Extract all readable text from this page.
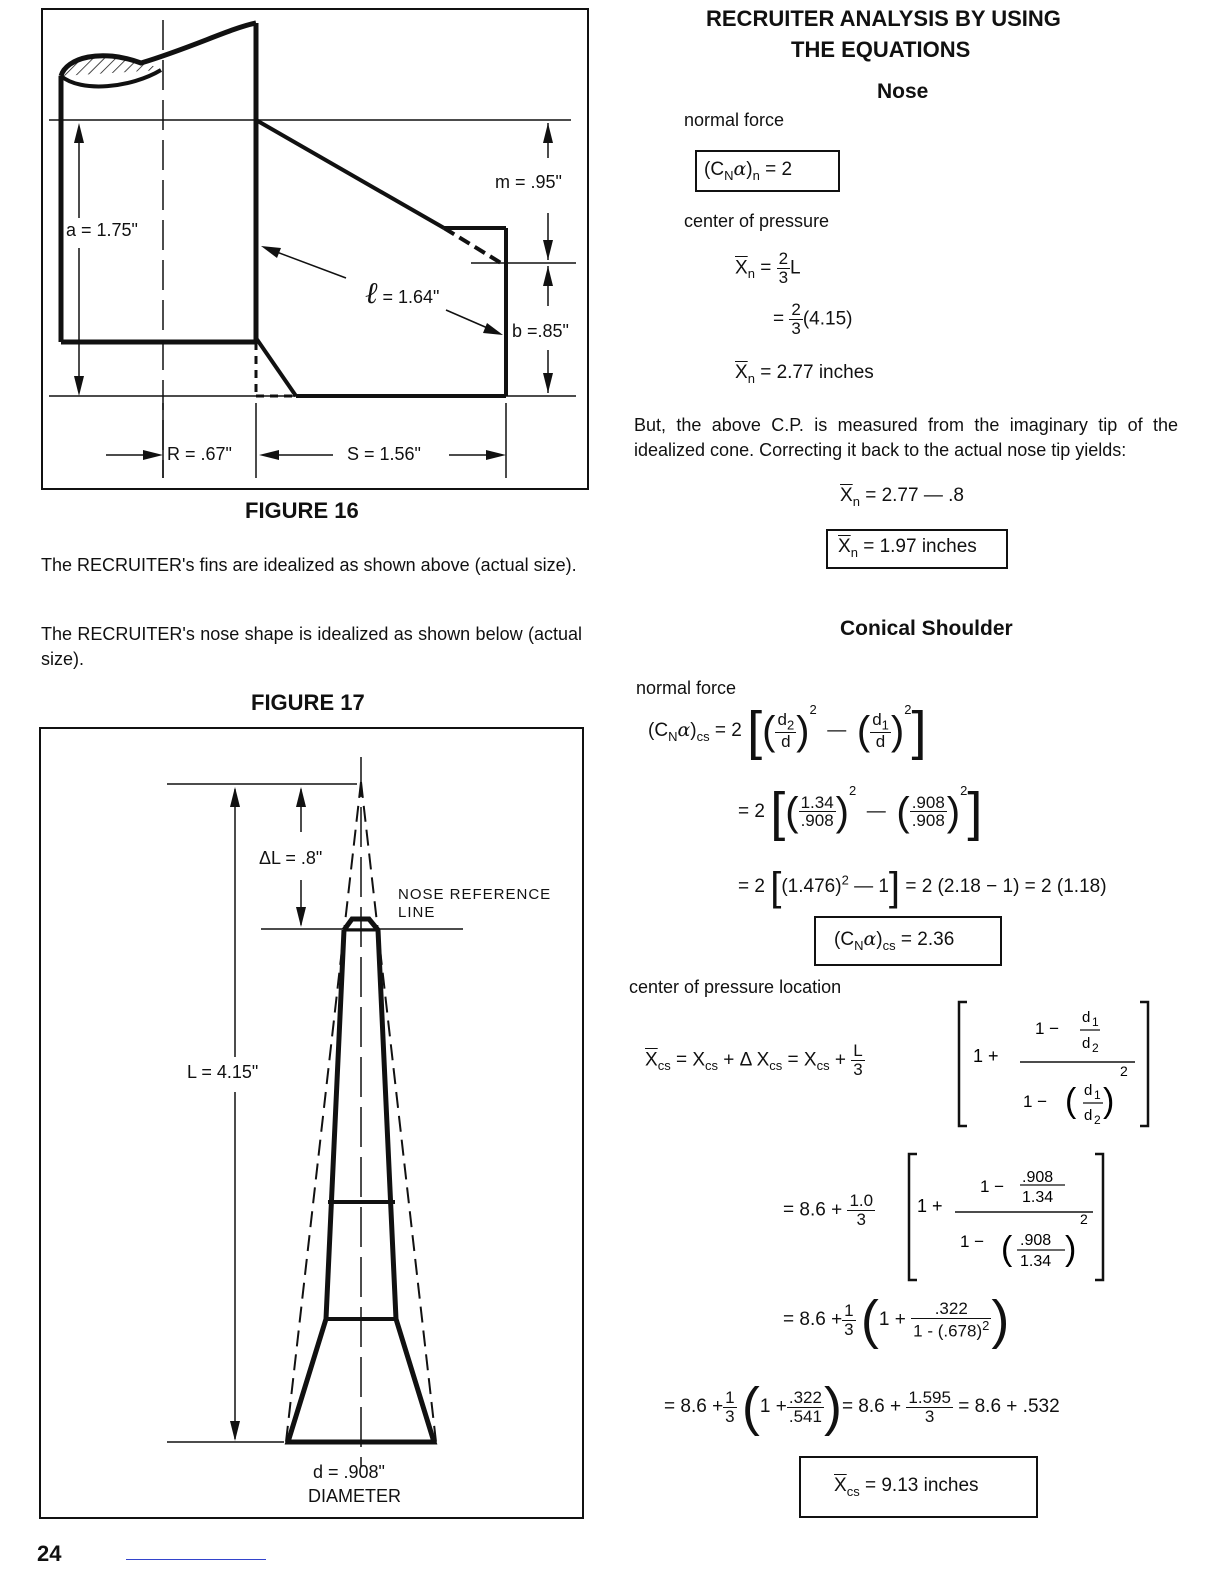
a = 1.75"
m = .95"
ℓ = 1.64"
b =.85"
R = .67"	S = 1.56"
FIGURE 16
The RECRUITER's fins are idealized as shown above (actual size).
The RECRUITER's nose shape is idealized as shown below (actual size).
FIGURE 17
ΔL = .8"
NOSE REFERENCE
LINE
L = 4.15"
d = .908"
DIAMETER
RECRUITER ANALYSIS BY USING
THE EQUATIONS
Nose
normal force
$(C_N\alpha)_n = 2$
center of pressure
$\overline{X}_n = \frac{2}{3}$ L
= $\frac{2}{3} (4.15)$
$\overline{X}_n = 2.77$ inches
But, the above C.P. is measured from the imaginary tip of the idealized cone. Correcting it back to the actual nose tip yields:
$\overline{X}_n = 2.77$ — .8
$\overline{X}_n = 1.97$ inches
Conical Shoulder
normal force
$(C_N\alpha)_{cs} = 2$ [( $\frac{d_2}{d} )^2$  —  ( $\frac{d_1}{d} )^2$]
= 2 [( $\frac{1.34}{.908} )^2$  —  ( $\frac{.908}{.908} )^2$]
= 2 [$(1.476)^2$ — 1] = 2 (2.18 − 1) = 2 (1.18)
$(C_N\alpha)_{cs} = 2.36$
center of pressure location
$\overline{X}_{cs} = X_{cs} + \Delta$ $X_{cs} = X_{cs} + \frac{L}{3}$	1 +
1 −
d 1
d 2
1 − ( d 1
d 2 )
2
= $8.6 + \frac{1.0}{3} 1$ +
1 − .908
1.34
1 − ( .908
1.34 )
2
= $8.6 + \frac{1}{3} (1 + \frac{.322}{1 - (.678)^2}$ )
= $8.6 + \frac{1}{3} (1 + \frac{.322}{.541}$ )= $8.6 + \frac{1.595}{3} = 8.6 + .532$
$\overline{X}_{cs} = 9.13$ inches
24
